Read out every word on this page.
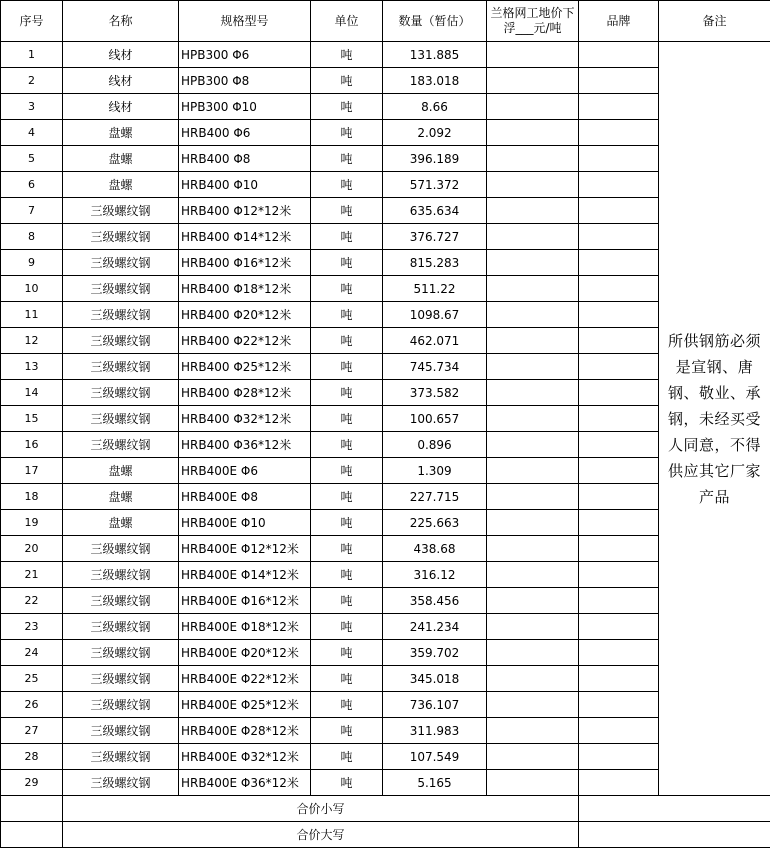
序号	名称	规格型号	单位	数量（暂估）	兰格网工地价下浮___元/吨	品牌	备注
1	线材	HPB300 Φ6	吨	131.885			所供钢筋必须是宣钢、唐钢、敬业、承钢，未经买受人同意，不得供应其它厂家产品
2	线材	HPB300 Φ8	吨	183.018			
3	线材	HPB300 Φ10	吨	8.66			
4	盘螺	HRB400 Φ6	吨	2.092			
5	盘螺	HRB400 Φ8	吨	396.189			
6	盘螺	HRB400 Φ10	吨	571.372			
7	三级螺纹钢	HRB400 Φ12*12米	吨	635.634			
8	三级螺纹钢	HRB400 Φ14*12米	吨	376.727			
9	三级螺纹钢	HRB400 Φ16*12米	吨	815.283			
10	三级螺纹钢	HRB400 Φ18*12米	吨	511.22			
11	三级螺纹钢	HRB400 Φ20*12米	吨	1098.67			
12	三级螺纹钢	HRB400 Φ22*12米	吨	462.071			
13	三级螺纹钢	HRB400 Φ25*12米	吨	745.734			
14	三级螺纹钢	HRB400 Φ28*12米	吨	373.582			
15	三级螺纹钢	HRB400 Φ32*12米	吨	100.657			
16	三级螺纹钢	HRB400 Φ36*12米	吨	0.896			
17	盘螺	HRB400E Φ6	吨	1.309			
18	盘螺	HRB400E Φ8	吨	227.715			
19	盘螺	HRB400E Φ10	吨	225.663			
20	三级螺纹钢	HRB400E Φ12*12米	吨	438.68			
21	三级螺纹钢	HRB400E Φ14*12米	吨	316.12			
22	三级螺纹钢	HRB400E Φ16*12米	吨	358.456			
23	三级螺纹钢	HRB400E Φ18*12米	吨	241.234			
24	三级螺纹钢	HRB400E Φ20*12米	吨	359.702			
25	三级螺纹钢	HRB400E Φ22*12米	吨	345.018			
26	三级螺纹钢	HRB400E Φ25*12米	吨	736.107			
27	三级螺纹钢	HRB400E Φ28*12米	吨	311.983			
28	三级螺纹钢	HRB400E Φ32*12米	吨	107.549			
29	三级螺纹钢	HRB400E Φ36*12米	吨	5.165			
	合价小写						
	合价大写						
